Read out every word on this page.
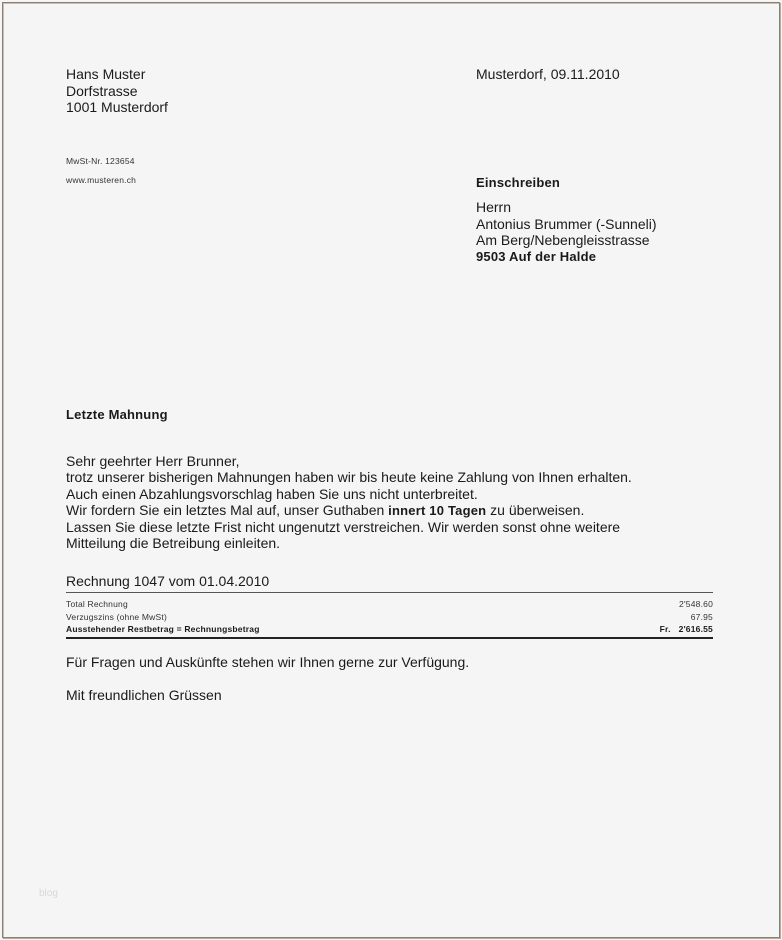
Hans Muster
Dorfstrasse
1001 Musterdorf
MwSt-Nr. 123654
www.musteren.ch
Musterdorf, 09.11.2010
Einschreiben
Herrn
Antonius Brummer (-Sunneli)
Am Berg/Nebengleisstrasse
9503 Auf der Halde
Letzte Mahnung
Sehr geehrter Herr Brunner,
trotz unserer bisherigen Mahnungen haben wir bis heute keine Zahlung von Ihnen erhalten.
Auch einen Abzahlungsvorschlag haben Sie uns nicht unterbreitet.
Wir fordern Sie ein letztes Mal auf, unser Guthaben innert 10 Tagen zu überweisen.
Lassen Sie diese letzte Frist nicht ungenutzt verstreichen. Wir werden sonst ohne weitere
Mitteilung die Betreibung einleiten.
Rechnung 1047 vom 01.04.2010
Total Rechnung	2'548.60
Verzugszins (ohne MwSt)	67.95
Ausstehender Restbetrag = Rechnungsbetrag	Fr. 2'616.55
Für Fragen und Auskünfte stehen wir Ihnen gerne zur Verfügung.
Mit freundlichen Grüssen
blog
